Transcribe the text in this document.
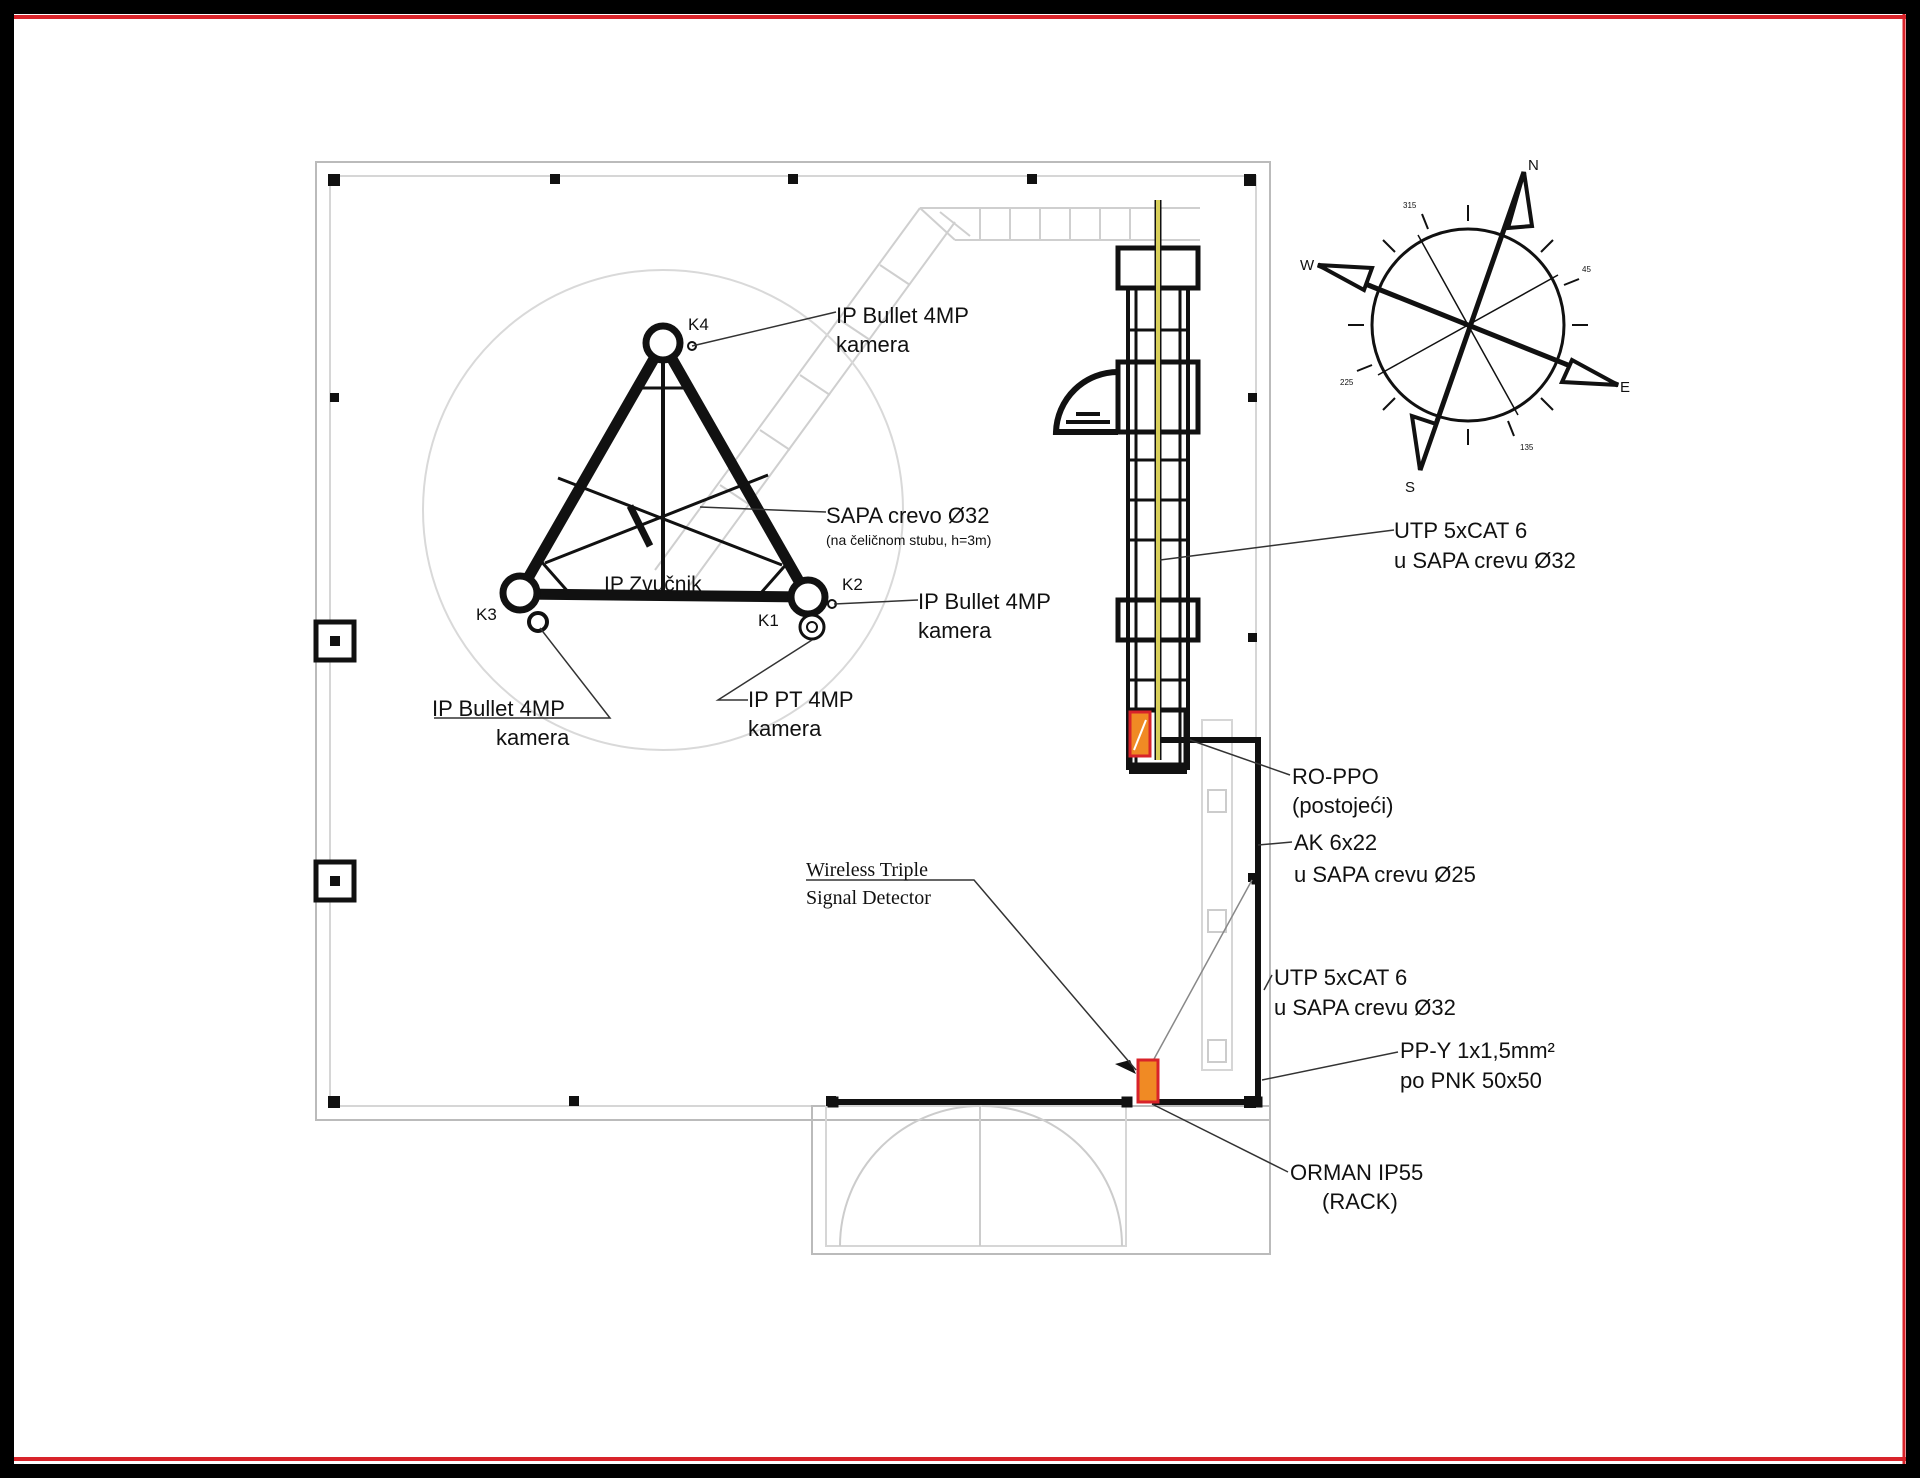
N
S
E
W
315
45
135
225
K4
K2
K3	K1
IP Bullet 4MP
kamera
SAPA crevo Ø32
(na čeličnom stubu, h=3m)
IP Zvučnik
IP Bullet 4MP
kamera
IP Bullet 4MP
kamera
IP PT 4MP
kamera
UTP 5xCAT 6
u SAPA crevu Ø32
RO-PPO
(postojeći)
AK 6x22
u SAPA crevu Ø25
Wireless Triple
Signal Detector
UTP 5xCAT 6
u SAPA crevu Ø32
PP-Y 1x1,5mm²
po PNK 50x50
ORMAN IP55
(RACK)
